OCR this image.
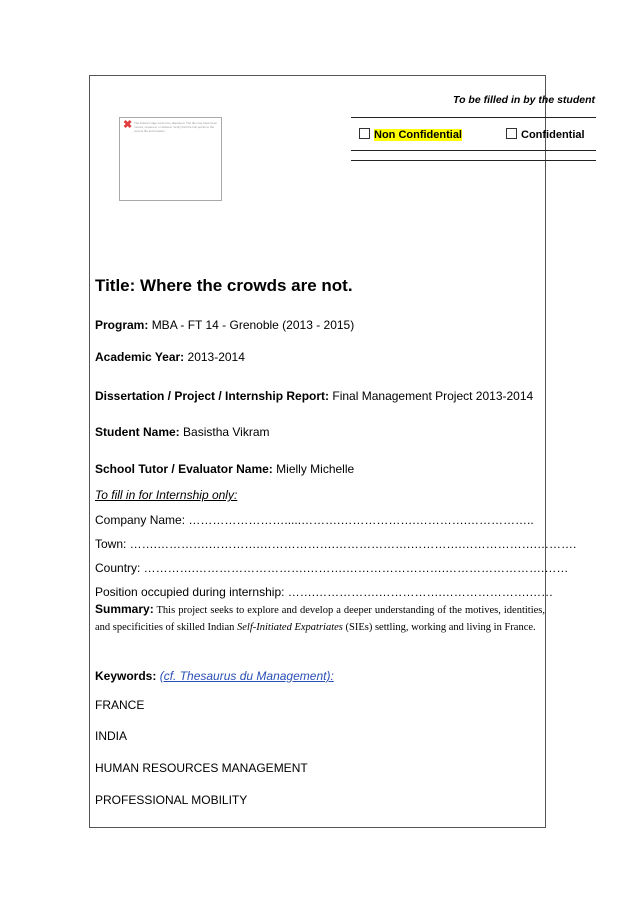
To be filled in by the student
Non Confidential	Confidential
✖ The linked image cannot be displayed. The file may have been moved, renamed, or deleted. Verify that the link points to the correct file and location.
Title: Where the crowds are not.
Program: MBA - FT 14 - Grenoble (2013 - 2015)
Academic Year: 2013-2014
Dissertation / Project / Internship Report: Final Management Project 2013-2014
Student Name: Basistha Vikram
School Tutor / Evaluator Name: Mielly Michelle
To fill in for Internship only:
Company Name: …………………….....……….……………….………….……………..
Town: …….………….………….……………….……………….………….……………….……….
Country: ………….……………………….……….…………………….…………………….……
Position occupied during internship: …….…………….…………….………………….……
Summary: This project seeks to explore and develop a deeper understanding of the motives, identities, and specificities of skilled Indian Self-Initiated Expatriates (SIEs) settling, working and living in France.
Keywords: (cf. Thesaurus du Management):
FRANCE
INDIA
HUMAN RESOURCES MANAGEMENT
PROFESSIONAL MOBILITY
